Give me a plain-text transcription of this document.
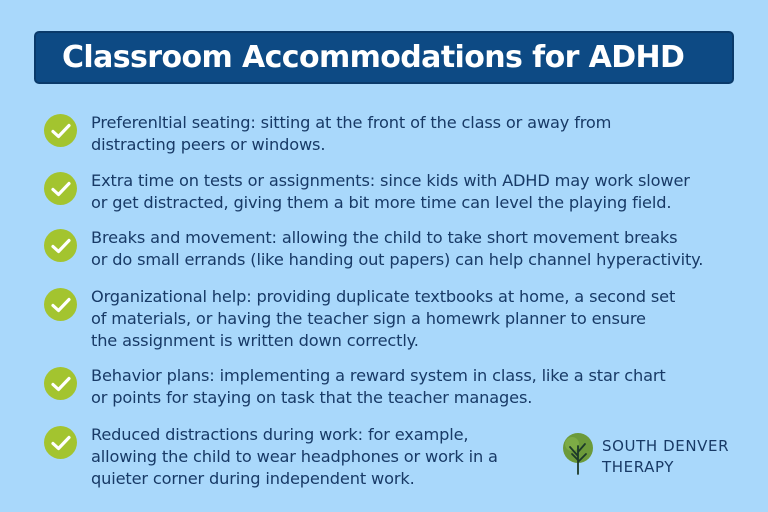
Classroom Accommodations for ADHD
Preferenltial seating: sitting at the front of the class or away from
distracting peers or windows.
Extra time on tests or assignments: since kids with ADHD may work slower
or get distracted, giving them a bit more time can level the playing field.
Breaks and movement: allowing the child to take short movement breaks
or do small errands (like handing out papers) can help channel hyperactivity.
Organizational help: providing duplicate textbooks at home, a second set
of materials, or having the teacher sign a homewrk planner to ensure
the assignment is written down correctly.
Behavior plans: implementing a reward system in class, like a star chart
or points for staying on task that the teacher manages.
Reduced distractions during work: for example,
allowing the child to wear headphones or work in a
quieter corner during independent work.
SOUTH DENVER
THERAPY
